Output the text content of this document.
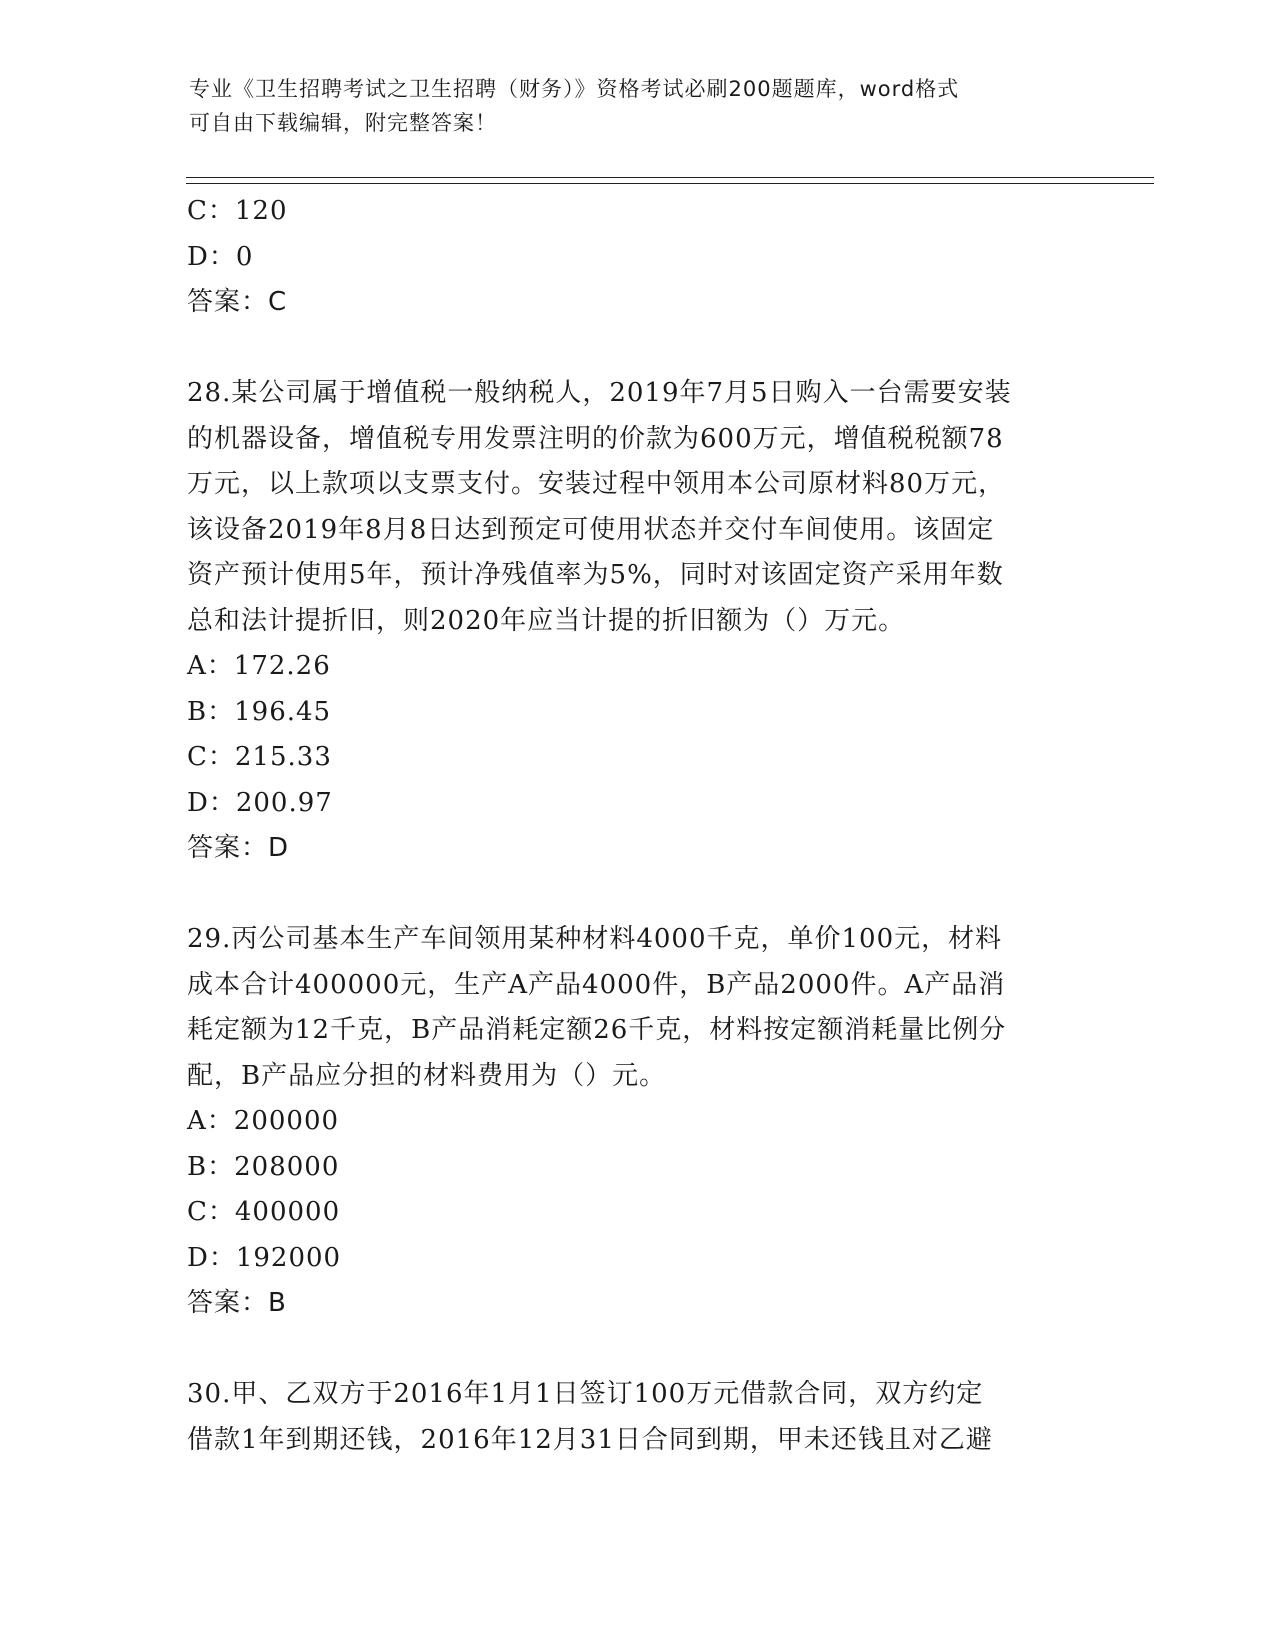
专业《卫生招聘考试之卫生招聘（财务）》资格考试必刷200题题库，word格式
可自由下载编辑，附完整答案！
C：120
D：0
答案：C
28.某公司属于增值税一般纳税人，2019年7月5日购入一台需要安装
的机器设备，增值税专用发票注明的价款为600万元，增值税税额78
万元，以上款项以支票支付。安装过程中领用本公司原材料80万元，
该设备2019年8月8日达到预定可使用状态并交付车间使用。该固定
资产预计使用5年，预计净残值率为5%，同时对该固定资产采用年数
总和法计提折旧，则2020年应当计提的折旧额为（）万元。
A：172.26
B：196.45
C：215.33
D：200.97
答案：D
29.丙公司基本生产车间领用某种材料4000千克，单价100元，材料
成本合计400000元，生产A产品4000件，B产品2000件。A产品消
耗定额为12千克，B产品消耗定额26千克，材料按定额消耗量比例分
配，B产品应分担的材料费用为（）元。
A：200000
B：208000
C：400000
D：192000
答案：B
30.甲、乙双方于2016年1月1日签订100万元借款合同，双方约定
借款1年到期还钱，2016年12月31日合同到期，甲未还钱且对乙避
